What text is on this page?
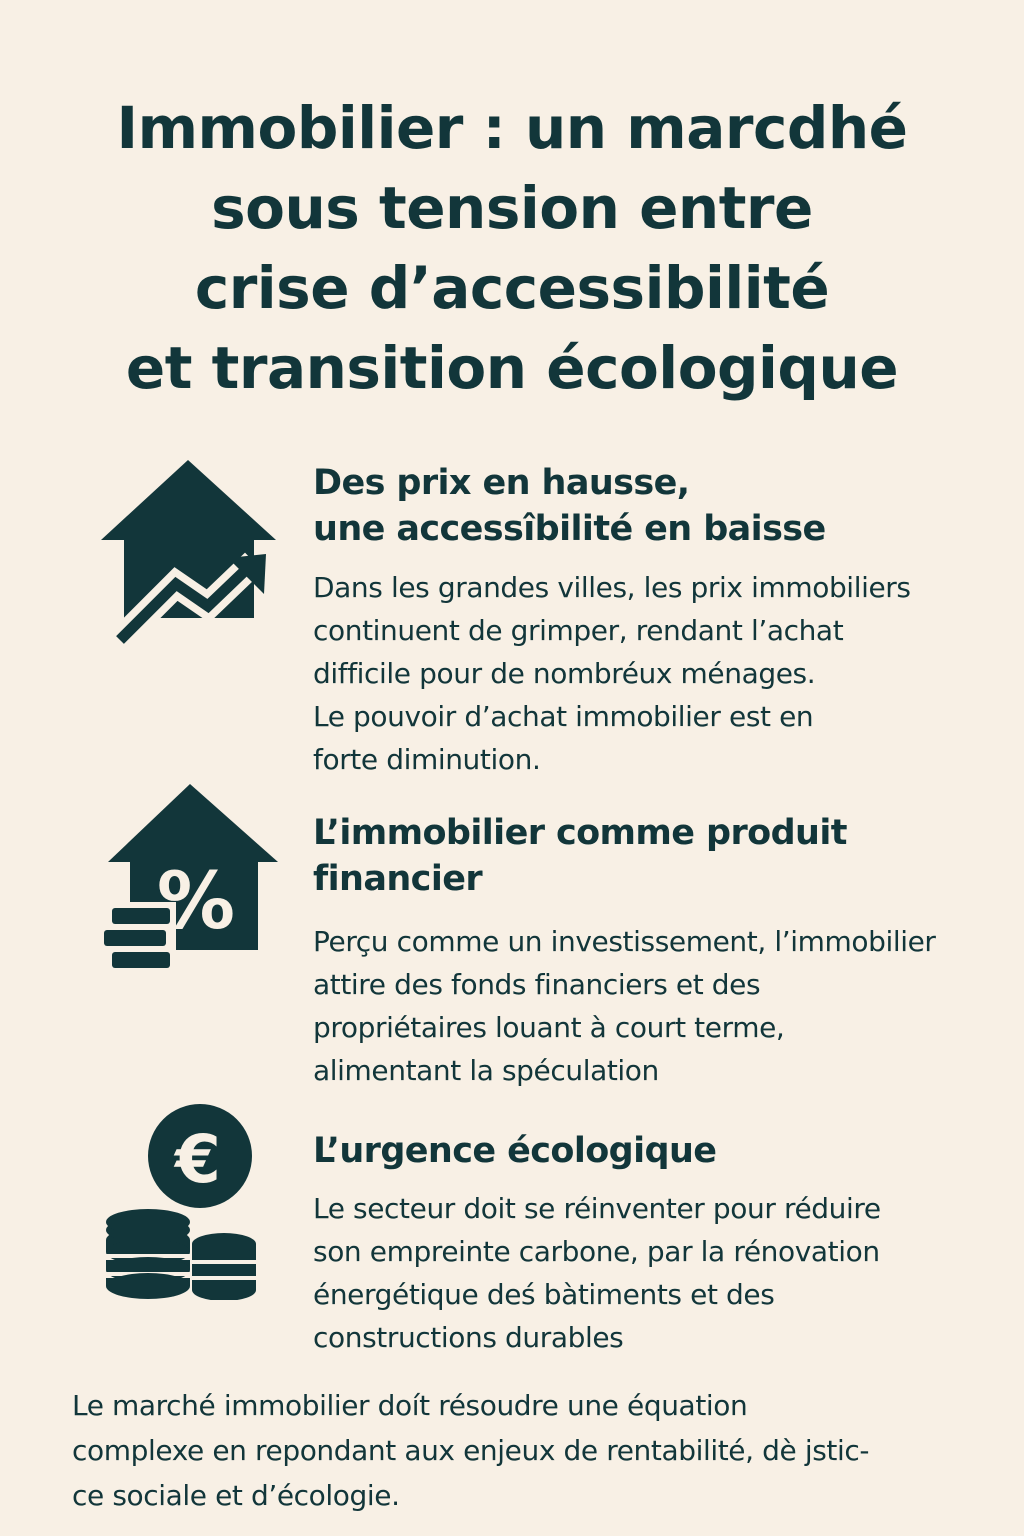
Immobilier : un marcdhé
sous tension entre
crise d’accessibilité
et transition écologique
Des prix en hausse,
une accessîbilité en baisse

Dans les grandes villes, les prix immobiliers
continuent de grimper, rendant l’achat
difficile pour de nombréux ménages.
Le pouvoir d’achat immobilier est en
forte diminution.

%
L’immobilier comme produit
financier

Perçu comme un investissement, l’immobilier
attire des fonds financiers et des
propriétaires louant à court terme,
alimentant la spéculation

€	L’urgence écologique

Le secteur doit se réinventer pour réduire
son empreinte carbone, par la rénovation
énergétique deś bàtiments et des
constructions durables

Le marché immobilier doít résoudre une équation
complexe en repondant aux enjeux de rentabilité, dè jstic-
ce sociale et d’écologie.
